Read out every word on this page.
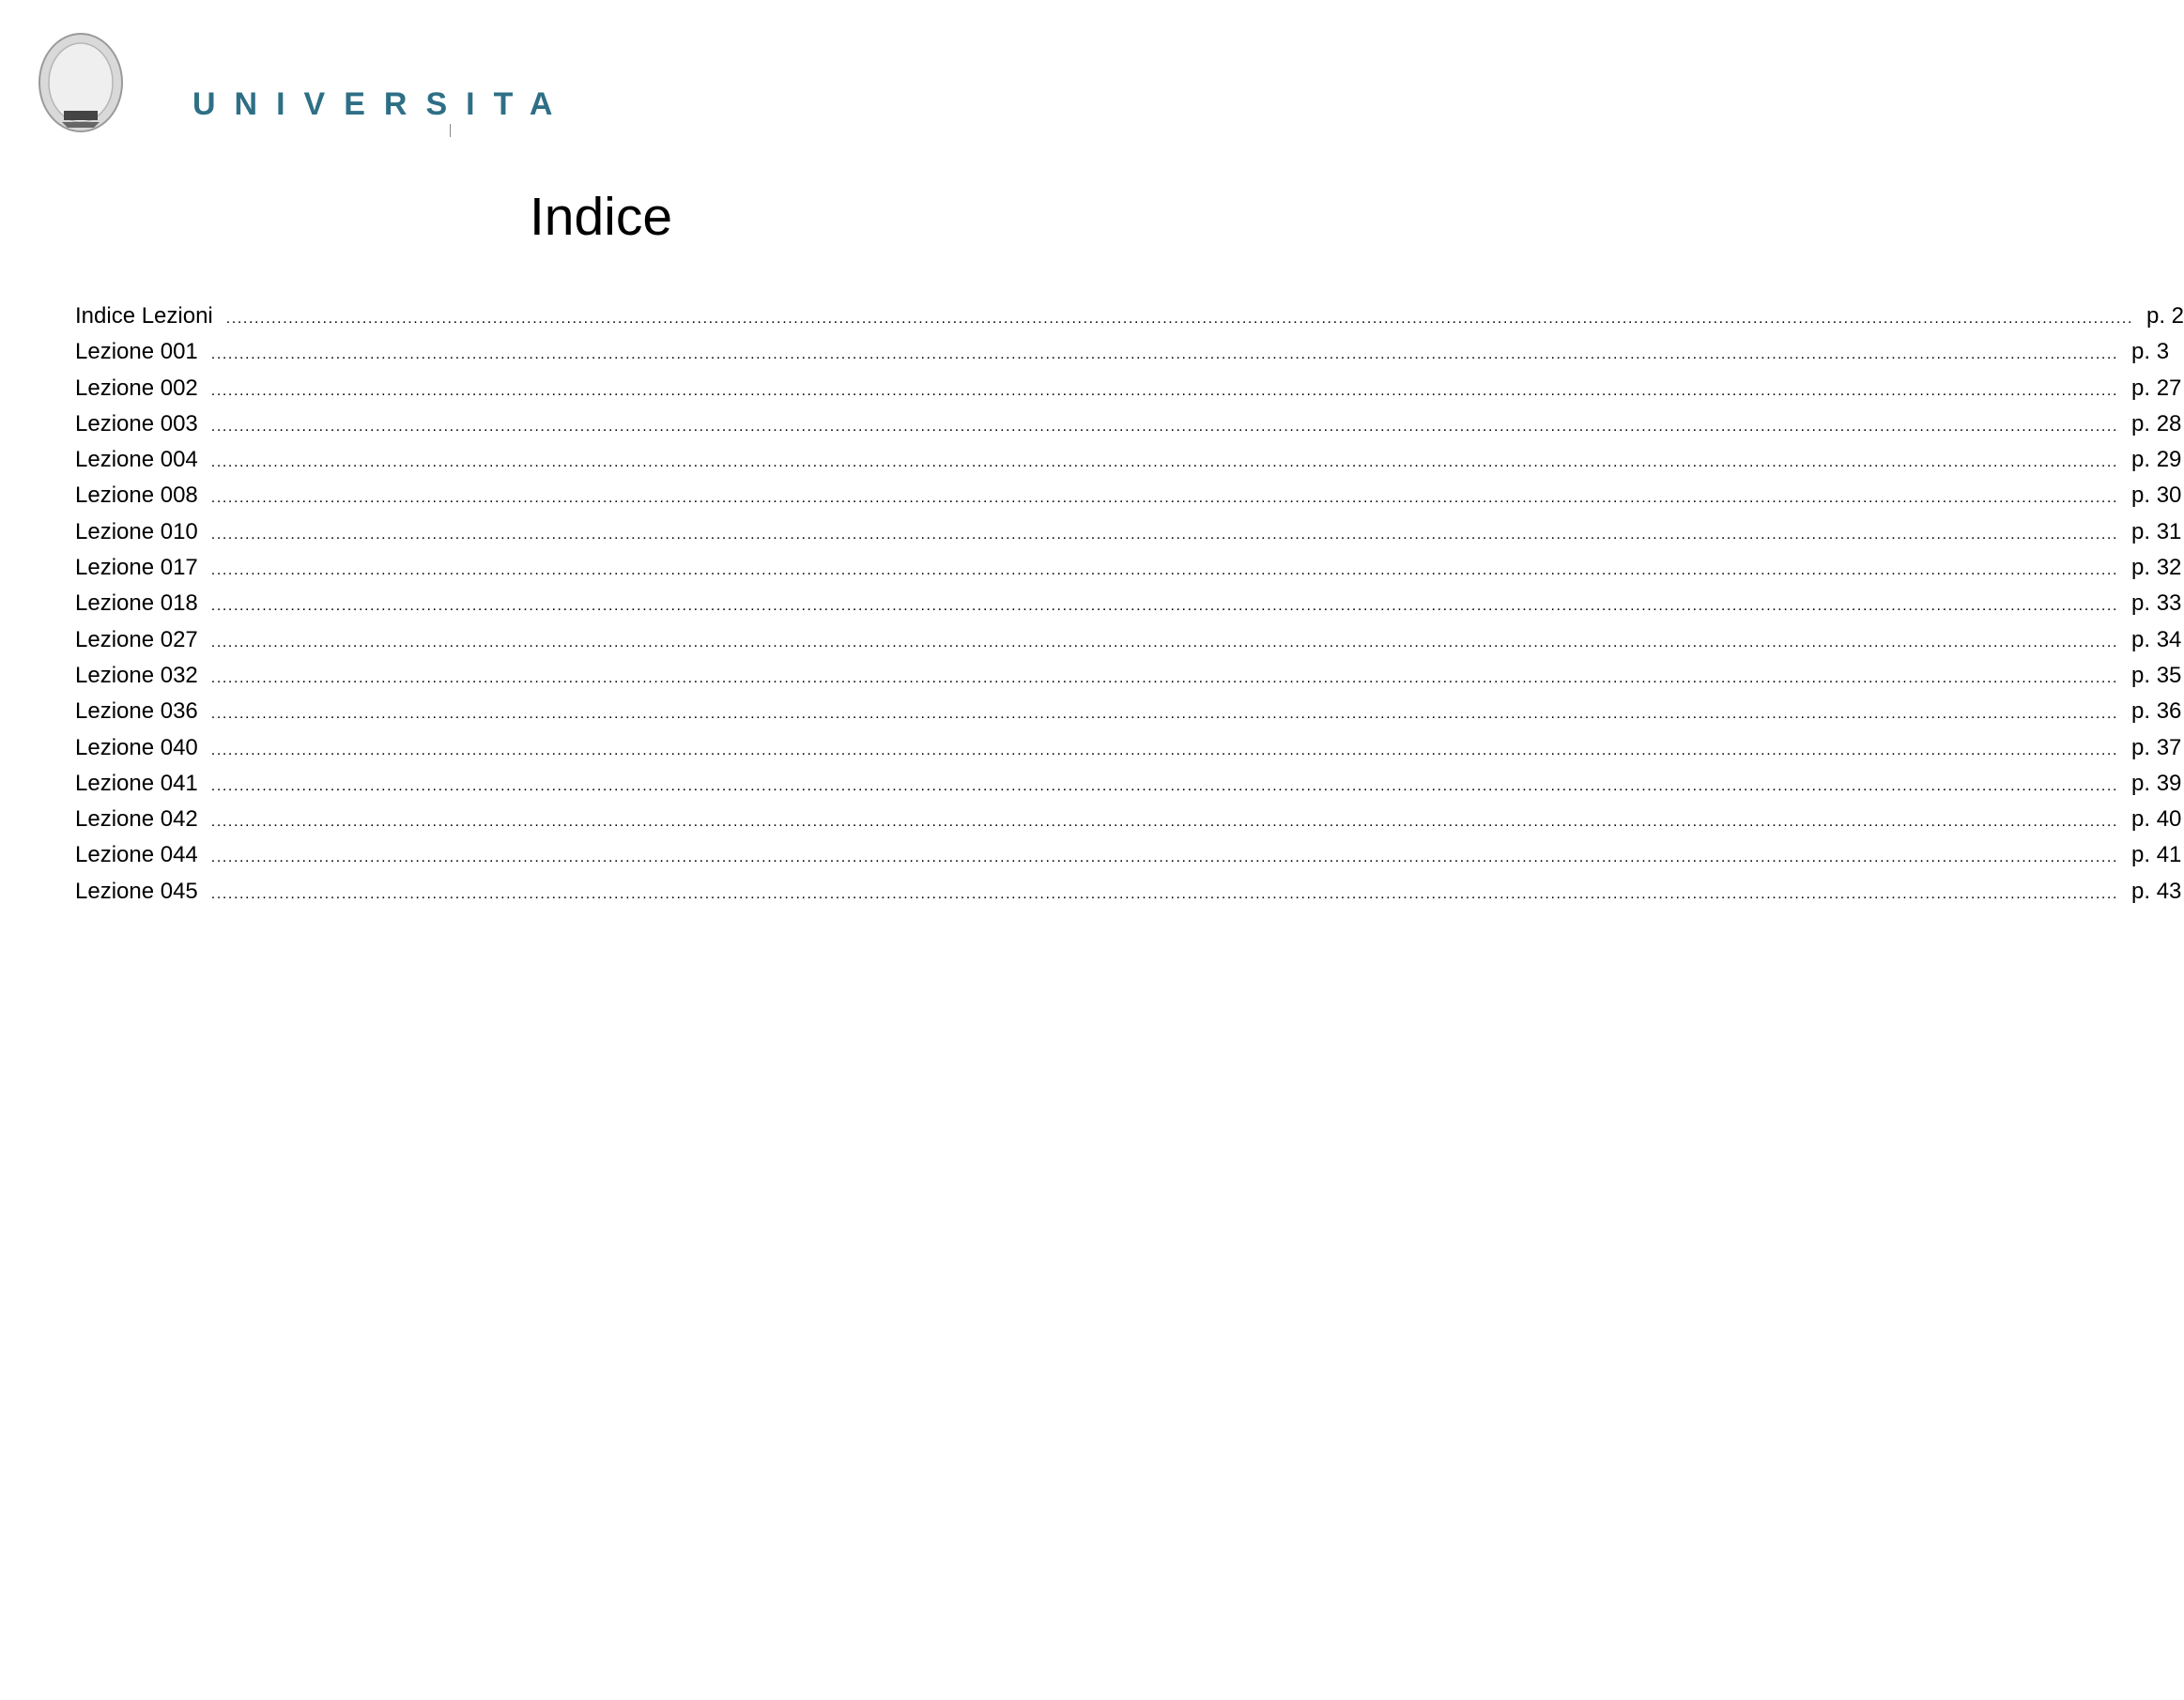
UNIVERSITA
Indice
Indice Lezioni .....	p. 2
Lezione 001 .....	p. 3
Lezione 002 .....	p. 27
Lezione 003 .....	p. 28
Lezione 004 .....	p. 29
Lezione 008 .....	p. 30
Lezione 010 .....	p. 31
Lezione 017 .....	p. 32
Lezione 018 .....	p. 33
Lezione 027 .....	p. 34
Lezione 032 .....	p. 35
Lezione 036 .....	p. 36
Lezione 040 .....	p. 37
Lezione 041 .....	p. 39
Lezione 042 .....	p. 40
Lezione 044 .....	p. 41
Lezione 045 .....	p. 43
